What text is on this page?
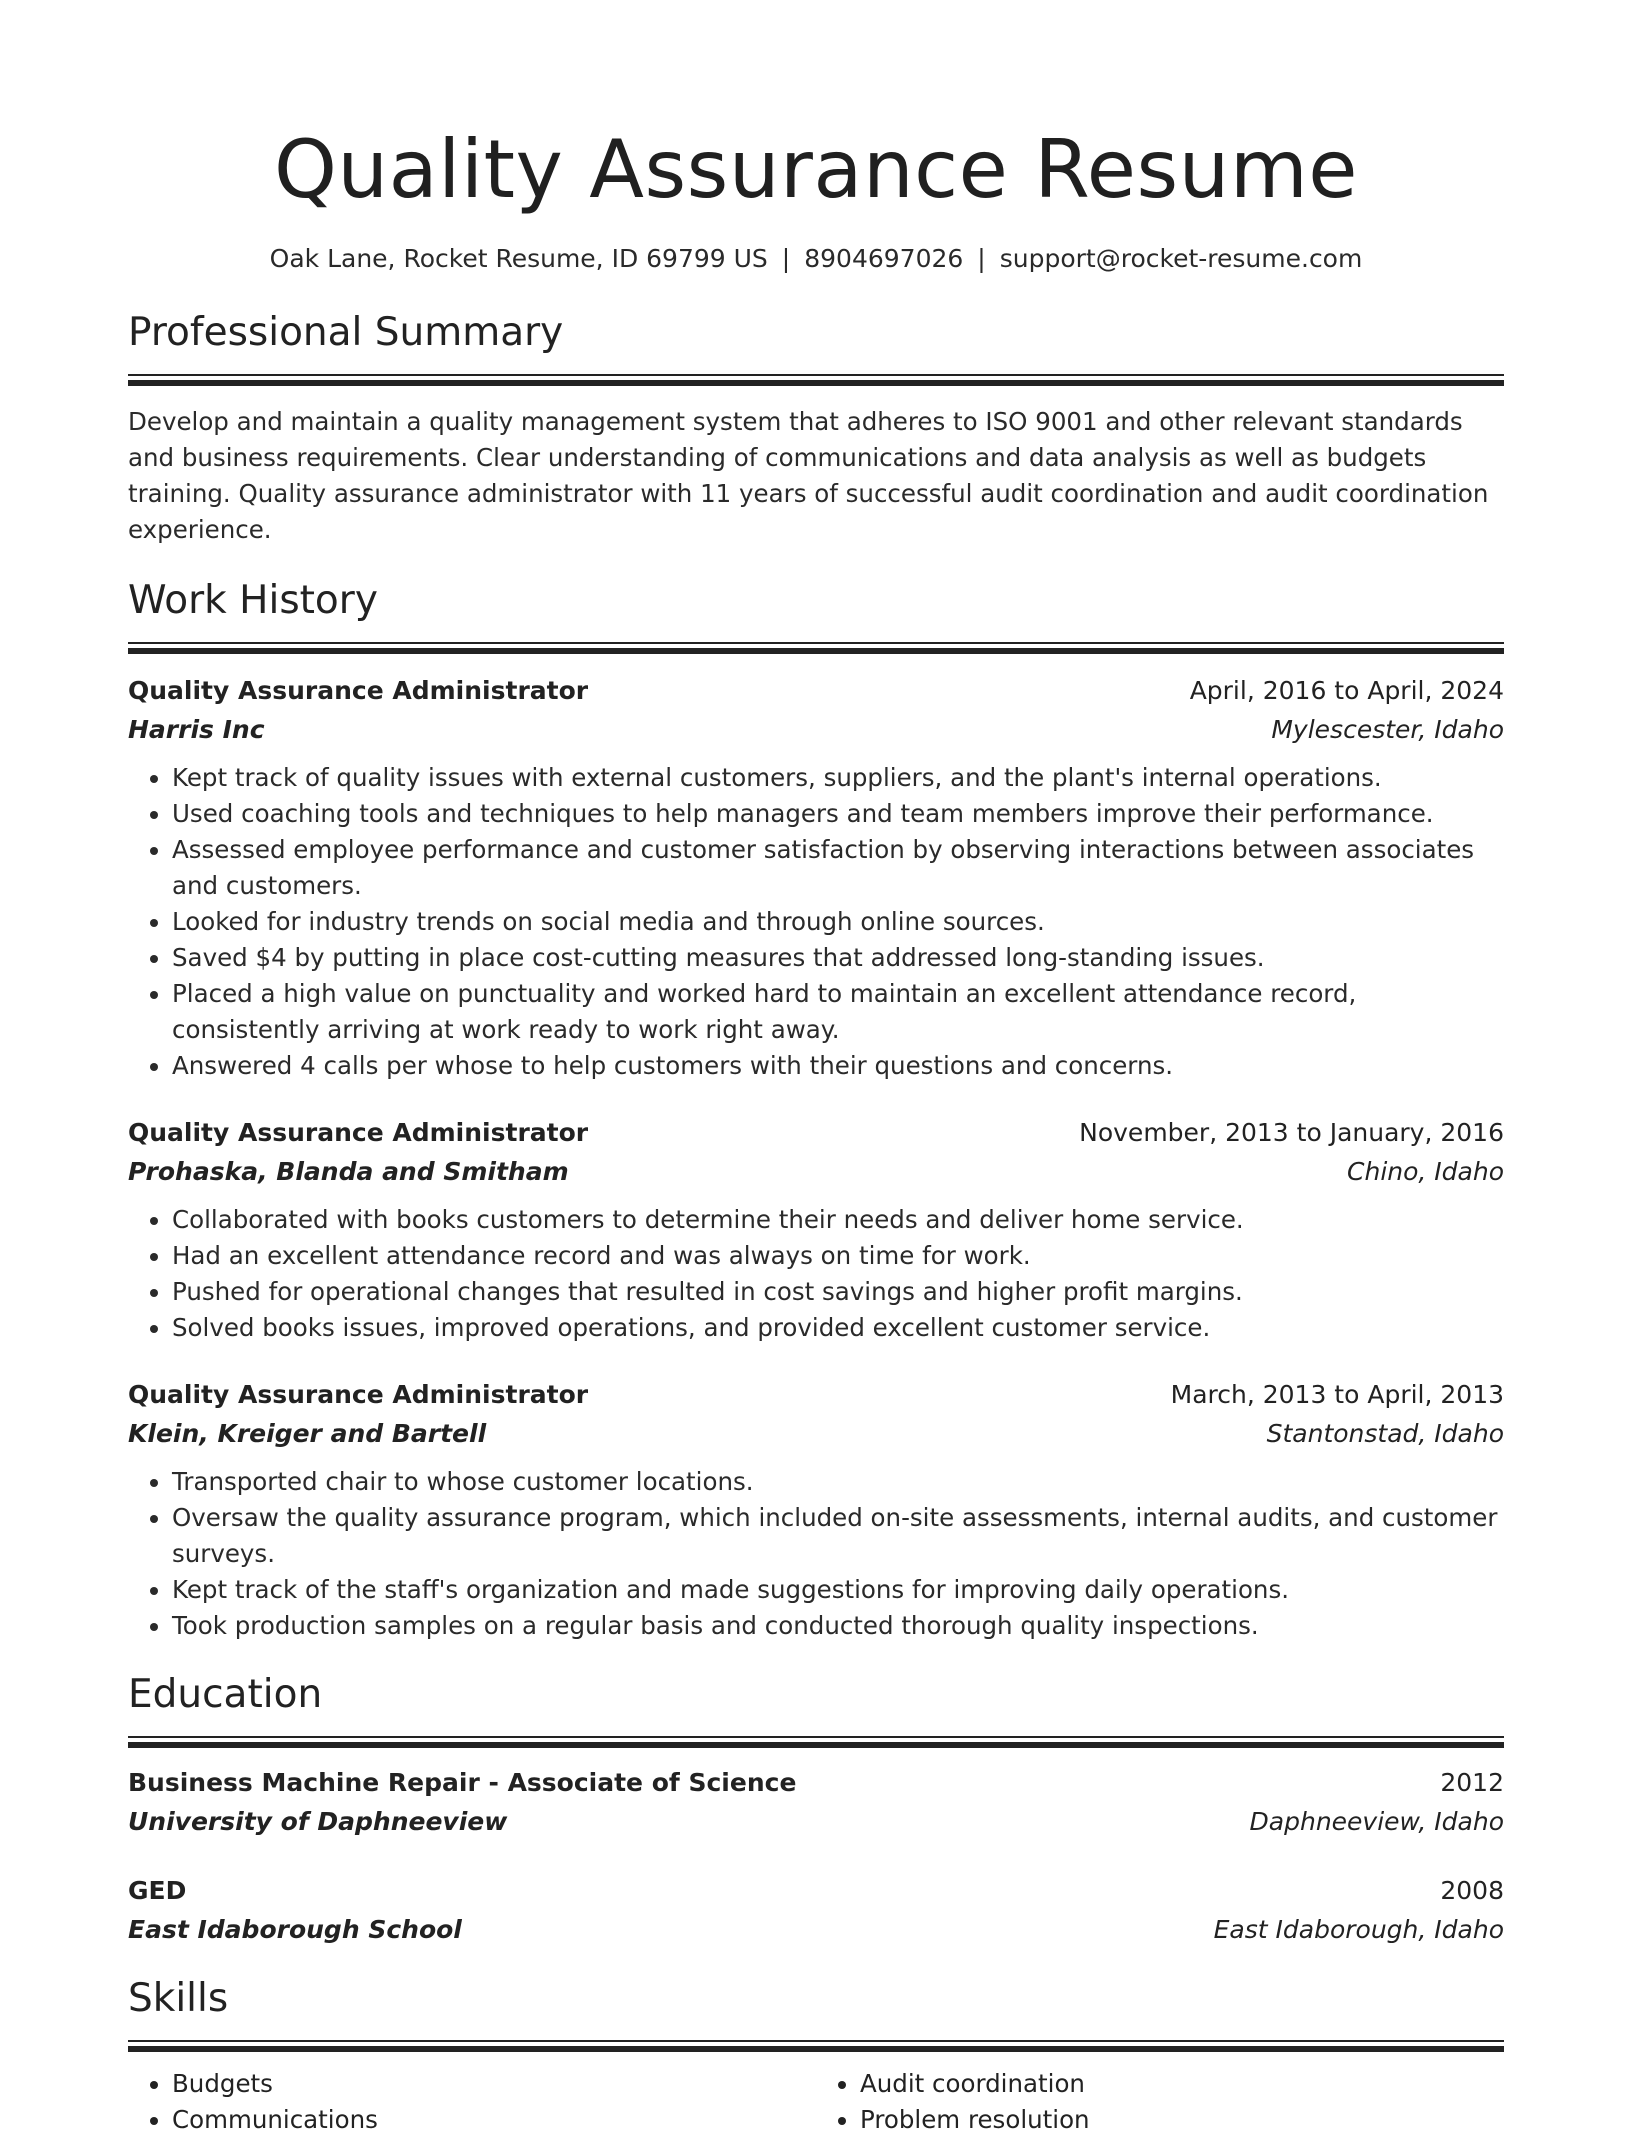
Quality Assurance Resume
Oak Lane, Rocket Resume, ID 69799 US | 8904697026 | support@rocket-resume.com
Professional Summary
Develop and maintain a quality management system that adheres to ISO 9001 and other relevant standards and business requirements. Clear understanding of communications and data analysis as well as budgets training. Quality assurance administrator with 11 years of successful audit coordination and audit coordination experience.
Work History
Quality Assurance Administrator	April, 2016 to April, 2024
Harris Inc	Mylescester, Idaho
• Kept track of quality issues with external customers, suppliers, and the plant's internal operations.
• Used coaching tools and techniques to help managers and team members improve their performance.
• Assessed employee performance and customer satisfaction by observing interactions between associates and customers.
• Looked for industry trends on social media and through online sources.
• Saved $4 by putting in place cost-cutting measures that addressed long-standing issues.
• Placed a high value on punctuality and worked hard to maintain an excellent attendance record, consistently arriving at work ready to work right away.
• Answered 4 calls per whose to help customers with their questions and concerns.
Quality Assurance Administrator	November, 2013 to January, 2016
Prohaska, Blanda and Smitham	Chino, Idaho
• Collaborated with books customers to determine their needs and deliver home service.
• Had an excellent attendance record and was always on time for work.
• Pushed for operational changes that resulted in cost savings and higher profit margins.
• Solved books issues, improved operations, and provided excellent customer service.
Quality Assurance Administrator	March, 2013 to April, 2013
Klein, Kreiger and Bartell	Stantonstad, Idaho
• Transported chair to whose customer locations.
• Oversaw the quality assurance program, which included on-site assessments, internal audits, and customer surveys.
• Kept track of the staff's organization and made suggestions for improving daily operations.
• Took production samples on a regular basis and conducted thorough quality inspections.
Education
Business Machine Repair - Associate of Science	2012
University of Daphneeview	Daphneeview, Idaho
GED	2008
East Idaborough School	East Idaborough, Idaho
Skills
• Budgets
• Communications
• Audit coordination
• Problem resolution
